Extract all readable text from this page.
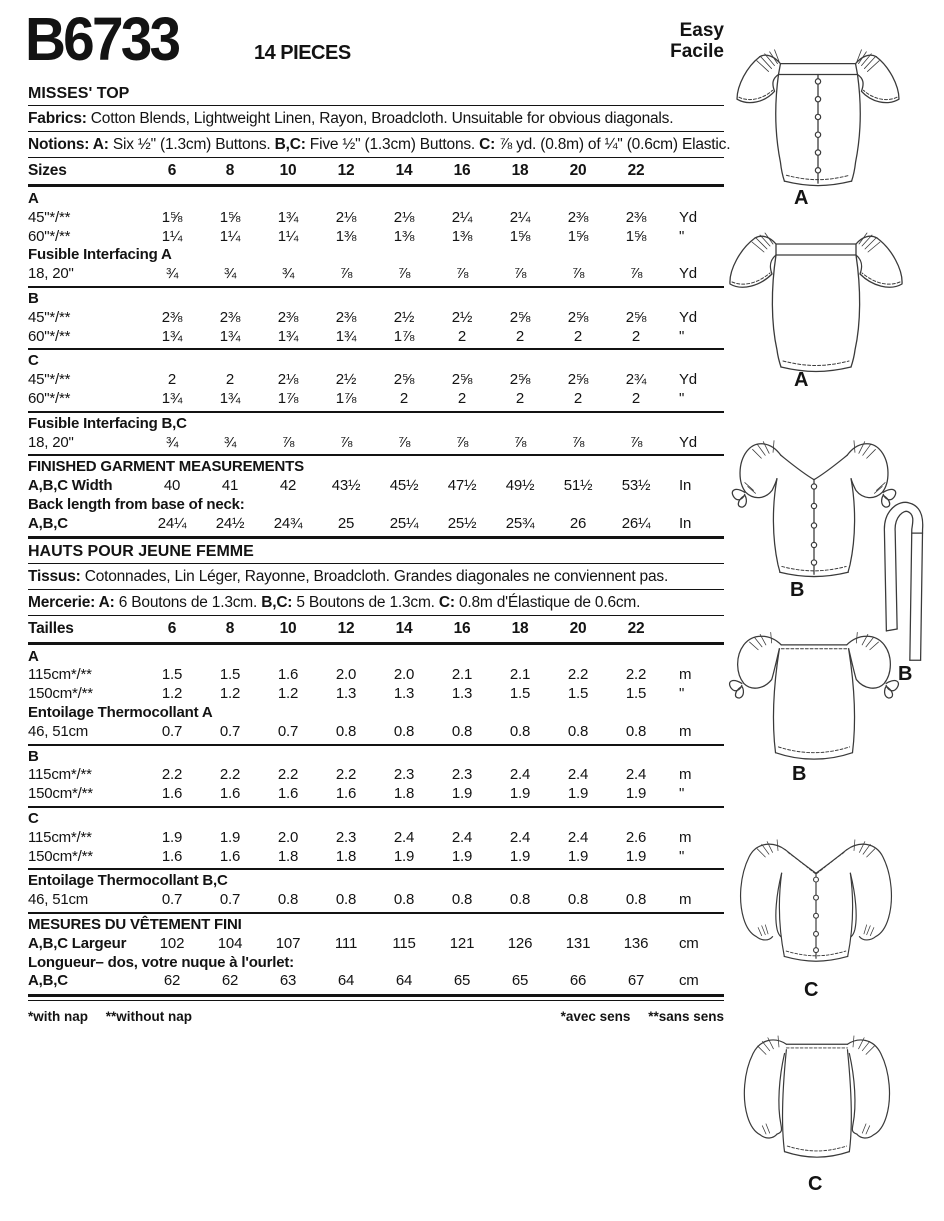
B6733	14 PIECES
Easy
Facile
MISSES' TOP
Fabrics: Cotton Blends, Lightweight Linen, Rayon, Broadcloth. Unsuitable for obvious diagonals.
Notions: A: Six ½" (1.3cm) Buttons. B,C: Five ½" (1.3cm) Buttons. C: ⅞ yd. (0.8m) of ¼" (0.6cm) Elastic.
Sizes	6	8	10	12	14	16	18	20	22
A
45"*/**	1⅝	1⅝	1¾	2⅛	2⅛	2¼	2¼	2⅜	2⅜	Yd
60"*/**	1¼	1¼	1¼	1⅜	1⅜	1⅜	1⅝	1⅝	1⅝	"
Fusible Interfacing A
18, 20"	¾	¾	¾	⅞	⅞	⅞	⅞	⅞	⅞	Yd
B
45"*/**	2⅜	2⅜	2⅜	2⅜	2½	2½	2⅝	2⅝	2⅝	Yd
60"*/**	1¾	1¾	1¾	1¾	1⅞	2	2	2	2	"
C
45"*/**	2	2	2⅛	2½	2⅝	2⅝	2⅝	2⅝	2¾	Yd
60"*/**	1¾	1¾	1⅞	1⅞	2	2	2	2	2	"
Fusible Interfacing B,C
18, 20"	¾	¾	⅞	⅞	⅞	⅞	⅞	⅞	⅞	Yd
FINISHED GARMENT MEASUREMENTS
A,B,C Width	40	41	42	43½	45½	47½	49½	51½	53½	In
Back length from base of neck:
A,B,C	24¼	24½	24¾	25	25¼	25½	25¾	26	26¼	In
HAUTS POUR JEUNE FEMME
Tissus: Cotonnades, Lin Léger, Rayonne, Broadcloth. Grandes diagonales ne conviennent pas.
Mercerie: A: 6 Boutons de 1.3cm. B,C: 5 Boutons de 1.3cm. C: 0.8m d'Élastique de 0.6cm.
Tailles	6	8	10	12	14	16	18	20	22
A
115cm*/**	1.5	1.5	1.6	2.0	2.0	2.1	2.1	2.2	2.2	m
150cm*/**	1.2	1.2	1.2	1.3	1.3	1.3	1.5	1.5	1.5	"
Entoilage Thermocollant A
46, 51cm	0.7	0.7	0.7	0.8	0.8	0.8	0.8	0.8	0.8	m
B
115cm*/**	2.2	2.2	2.2	2.2	2.3	2.3	2.4	2.4	2.4	m
150cm*/**	1.6	1.6	1.6	1.6	1.8	1.9	1.9	1.9	1.9	"
C
115cm*/**	1.9	1.9	2.0	2.3	2.4	2.4	2.4	2.4	2.6	m
150cm*/**	1.6	1.6	1.8	1.8	1.9	1.9	1.9	1.9	1.9	"
Entoilage Thermocollant B,C
46, 51cm	0.7	0.7	0.8	0.8	0.8	0.8	0.8	0.8	0.8	m
MESURES DU VÊTEMENT FINI
A,B,C Largeur	102	104	107	111	115	121	126	131	136	cm
Longueur– dos, votre nuque à l'ourlet:
A,B,C	62	62	63	64	64	65	65	66	67	cm
*with nap **without nap	*avec sens **sans sens
A
A
B
B
B
C
C
